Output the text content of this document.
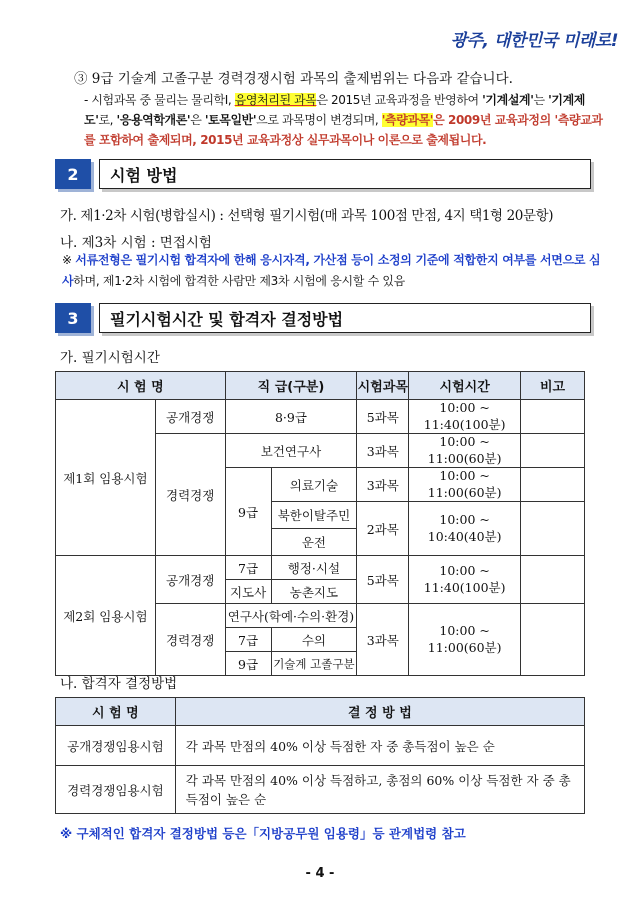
광주, 대한민국 미래로!
③ 9급 기술계 고졸구분 경력경쟁시험 과목의 출제범위는 다음과 같습니다.
- 시험과목 중 물리는 물리학Ⅰ, 음영처리된 과목은 2015년 교육과정을 반영하여 '기계설계'는 '기계제도'로, '응용역학개론'은 '토목일반'으로 과목명이 변경되며, '측량과목'은 2009년 교육과정의 '측량교과를 포함하여 출제되며, 2015년 교육과정상 실무과목이나 이론으로 출제됩니다.
2	시험 방법
가. 제1·2차 시험(병합실시) : 선택형 필기시험(매 과목 100점 만점, 4지 택1형 20문항)
나. 제3차 시험 : 면접시험
※ 서류전형은 필기시험 합격자에 한해 응시자격, 가산점 등이 소정의 기준에 적합한지 여부를 서면으로 심사하며, 제1·2차 시험에 합격한 사람만 제3차 시험에 응시할 수 있음
3	필기시험시간 및 합격자 결정방법
가. 필기시험시간
시 험 명		직 급(구분)		시험과목	시험시간	비고
제1회 임용시험	공개경쟁	8·9급		5과목	10:00 ~ 11:40(100분)	
	경력경쟁	보건연구사		3과목	10:00 ~ 11:00(60분)	
		9급	의료기술	3과목	10:00 ~ 11:00(60분)	
			북한이탈주민	2과목	10:00 ~ 10:40(40분)	
			운전			
제2회 임용시험	공개경쟁	7급	행정·시설	5과목	10:00 ~ 11:40(100분)	
		지도사	농촌지도			
	경력경쟁	연구사(학예·수의·환경)		3과목	10:00 ~ 11:00(60분)	
		7급	수의			
		9급	기술계 고졸구분			
나. 합격자 결정방법
시 험 명	결 정 방 법
공개경쟁임용시험	각 과목 만점의 40% 이상 득점한 자 중 총득점이 높은 순
경력경쟁임용시험	각 과목 만점의 40% 이상 득점하고, 총점의 60% 이상 득점한 자 중 총득점이 높은 순
※ 구체적인 합격자 결정방법 등은「지방공무원 임용령」등 관계법령 참고
- 4 -
